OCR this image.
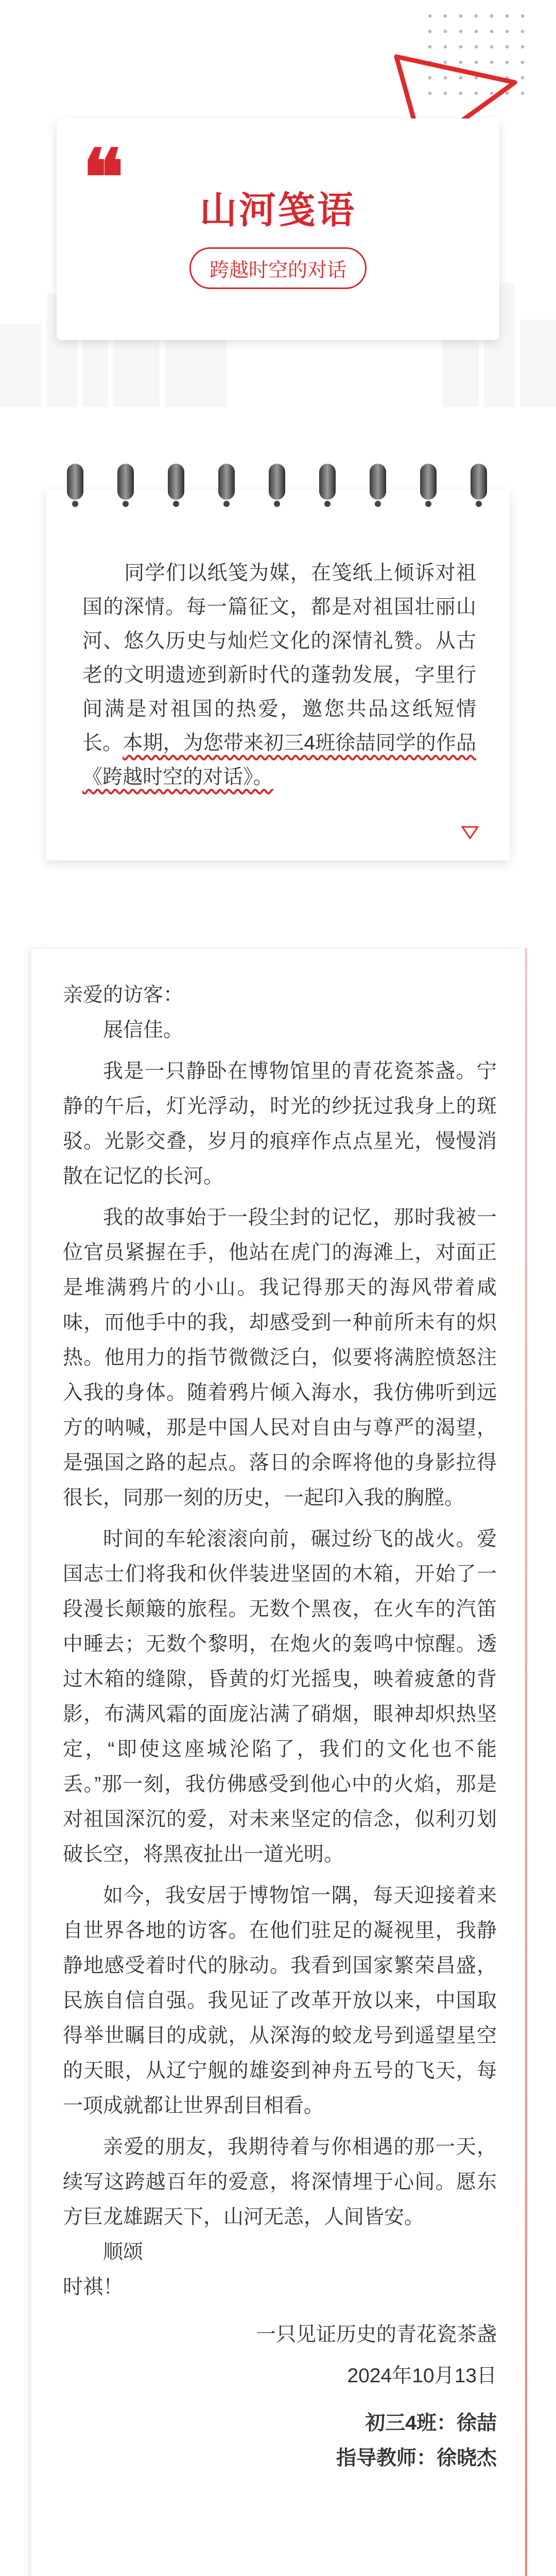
❝	山河笺语
跨越时空的对话
同学们以纸笺为媒，在笺纸上倾诉对祖国的深情。每一篇征文，都是对祖国壮丽山河、悠久历史与灿烂文化的深情礼赞。从古老的文明遗迹到新时代的蓬勃发展，字里行间满是对祖国的热爱，邀您共品这纸短情长。本期，为您带来初三4班徐喆同学的作品《跨越时空的对话》。

亲爱的访客：

展信佳。

我是一只静卧在博物馆里的青花瓷茶盏。宁静的午后，灯光浮动，时光的纱抚过我身上的斑驳。光影交叠，岁月的痕痒作点点星光，慢慢消散在记忆的长河。

我的故事始于一段尘封的记忆，那时我被一位官员紧握在手，他站在虎门的海滩上，对面正是堆满鸦片的小山。我记得那天的海风带着咸味，而他手中的我，却感受到一种前所未有的炽热。他用力的指节微微泛白，似要将满腔愤怒注入我的身体。随着鸦片倾入海水，我仿佛听到远方的呐喊，那是中国人民对自由与尊严的渴望，是强国之路的起点。落日的余晖将他的身影拉得很长，同那一刻的历史，一起印入我的胸膛。

时间的车轮滚滚向前，碾过纷飞的战火。爱国志士们将我和伙伴装进坚固的木箱，开始了一段漫长颠簸的旅程。无数个黑夜，在火车的汽笛中睡去；无数个黎明，在炮火的轰鸣中惊醒。透过木箱的缝隙，昏黄的灯光摇曳，映着疲惫的背影，布满风霜的面庞沾满了硝烟，眼神却炽热坚定，“即使这座城沦陷了，我们的文化也不能丢。”那一刻，我仿佛感受到他心中的火焰，那是对祖国深沉的爱，对未来坚定的信念，似利刃划破长空，将黑夜扯出一道光明。

如今，我安居于博物馆一隅，每天迎接着来自世界各地的访客。在他们驻足的凝视里，我静静地感受着时代的脉动。我看到国家繁荣昌盛，民族自信自强。我见证了改革开放以来，中国取得举世瞩目的成就，从深海的蛟龙号到遥望星空的天眼，从辽宁舰的雄姿到神舟五号的飞天，每一项成就都让世界刮目相看。

亲爱的朋友，我期待着与你相遇的那一天，续写这跨越百年的爱意，将深情埋于心间。愿东方巨龙雄踞天下，山河无恙，人间皆安。

顺颂

时祺！

一只见证历史的青花瓷茶盏

2024年10月13日

初三4班：徐喆

指导教师：徐晓杰
